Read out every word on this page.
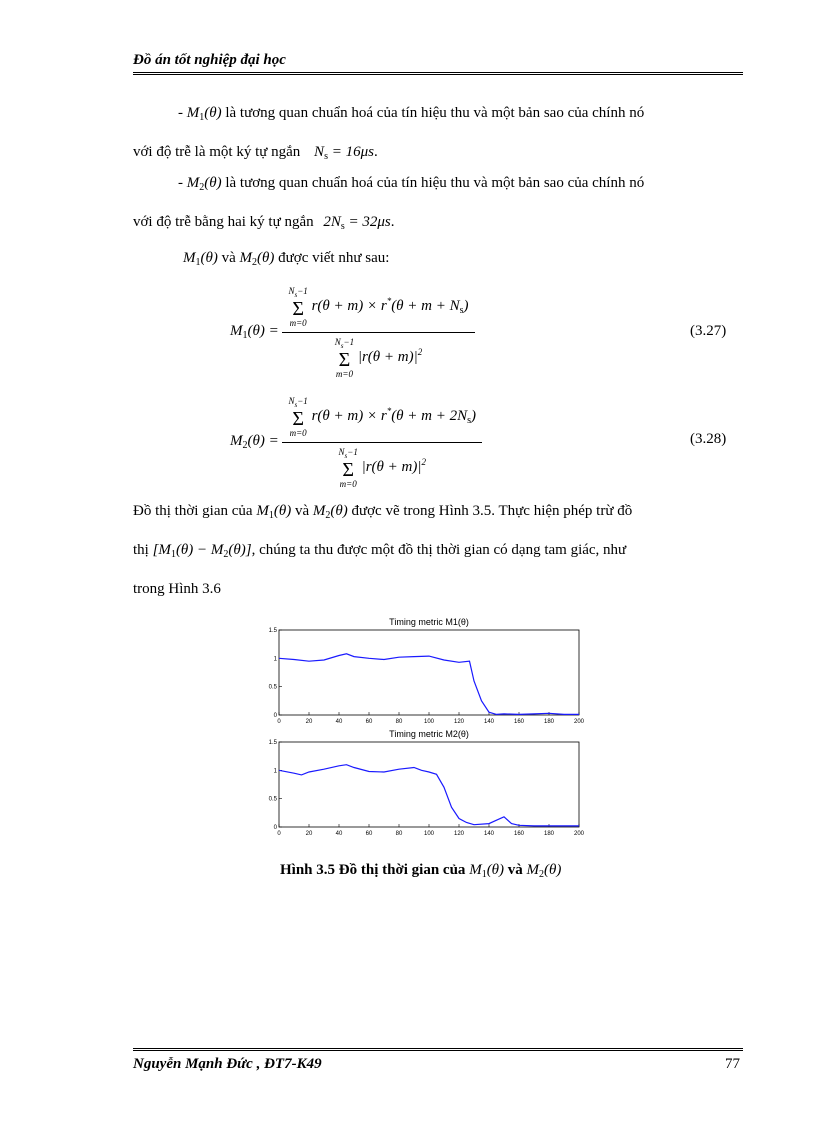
Đồ án tốt nghiệp đại học
- $M_1(\theta)$ là tương quan chuẩn hoá của tín hiệu thu và một bản sao của chính nó
với độ trễ là một ký tự ngắn $N_s = 16\mu s$.
- $M_2(\theta)$ là tương quan chuẩn hoá của tín hiệu thu và một bản sao của chính nó
với độ trễ bằng hai ký tự ngắn $2N_s = 32\mu s$.
$M_1(\theta)$ và $M_2(\theta)$ được viết như sau:
$M_1(\theta) = N_s-1$
Σ
m=0
$r(\theta + m) \times r^*(\theta + m + N_s)$
$N_s-1$
Σ
m=0
$|r(\theta + m)|^2$	(3.27)
$M_2(\theta) = N_s-1$
Σ
m=0
$r(\theta + m) \times r^*(\theta + m + 2N_s)$
$N_s-1$
Σ
m=0
$|r(\theta + m)|^2$	(3.28)
Đồ thị thời gian của $M_1(\theta)$ và $M_2(\theta)$ được vẽ trong Hình 3.5. Thực hiện phép trừ đồ
thị $[M_1(\theta) - M_2(\theta)]$, chúng ta thu được một đồ thị thời gian có dạng tam giác, như
trong Hình 3.6
Timing metric M1(θ)
0	20	40	60	80	100	120	140	160	180	200
0
0.5
1
1.5
Timing metric M2(θ)
0	20	40	60	80	100	120	140	160	180	200
0
0.5
1
1.5
Hình 3.5 Đồ thị thời gian của $M_1(\theta)$ và $M_2(\theta)$
Nguyễn Mạnh Đức , ĐT7-K49	77
